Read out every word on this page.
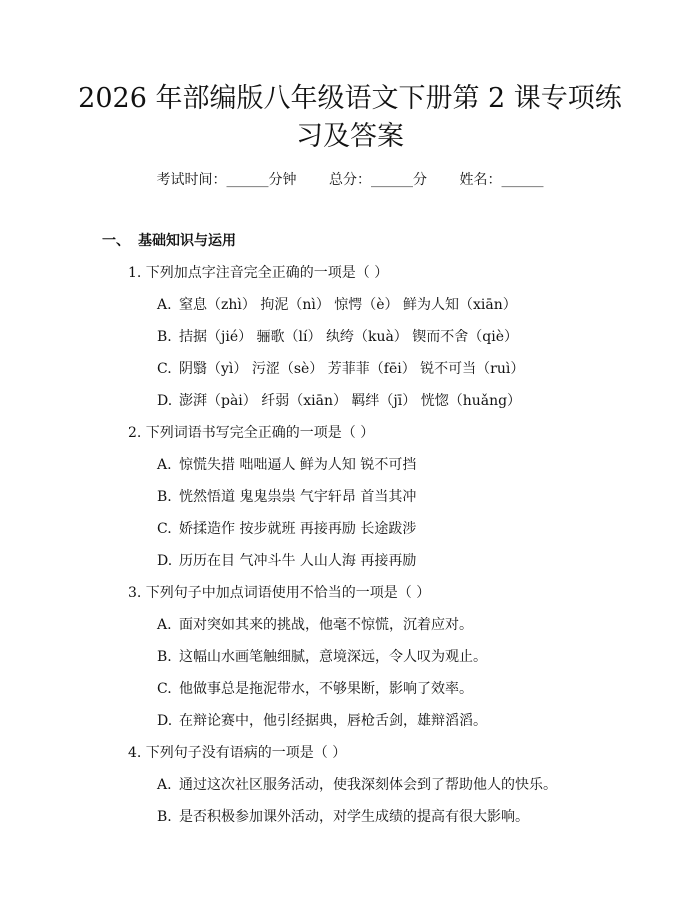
2026 年部编版八年级语文下册第 2 课专项练
习及答案
考试时间：______分钟 总分：______分 姓名：______
一、 基础知识与运用
1. 下列加点字注音完全正确的一项是（ ）
A. 窒息（zhì） 拘泥（nì） 惊愕（è） 鲜为人知（xiān）
B. 拮据（jié） 骊歌（lí） 纨绔（kuà） 锲而不舍（qiè）
C. 阴翳（yì） 污涩（sè） 芳菲菲（fēi） 锐不可当（ruì）
D. 澎湃（pài） 纤弱（xiān） 羁绊（jī） 恍惚（huǎng）
2. 下列词语书写完全正确的一项是（ ）
A. 惊慌失措 咄咄逼人 鲜为人知 锐不可挡
B. 恍然悟道 鬼鬼祟祟 气宇轩昂 首当其冲
C. 娇揉造作 按步就班 再接再励 长途跋涉
D. 历历在目 气冲斗牛 人山人海 再接再励
3. 下列句子中加点词语使用不恰当的一项是（ ）
A. 面对突如其来的挑战，他毫不惊慌，沉着应对。
B. 这幅山水画笔触细腻，意境深远，令人叹为观止。
C. 他做事总是拖泥带水，不够果断，影响了效率。
D. 在辩论赛中，他引经据典，唇枪舌剑，雄辩滔滔。
4. 下列句子没有语病的一项是（ ）
A. 通过这次社区服务活动，使我深刻体会到了帮助他人的快乐。
B. 是否积极参加课外活动，对学生成绩的提高有很大影响。
